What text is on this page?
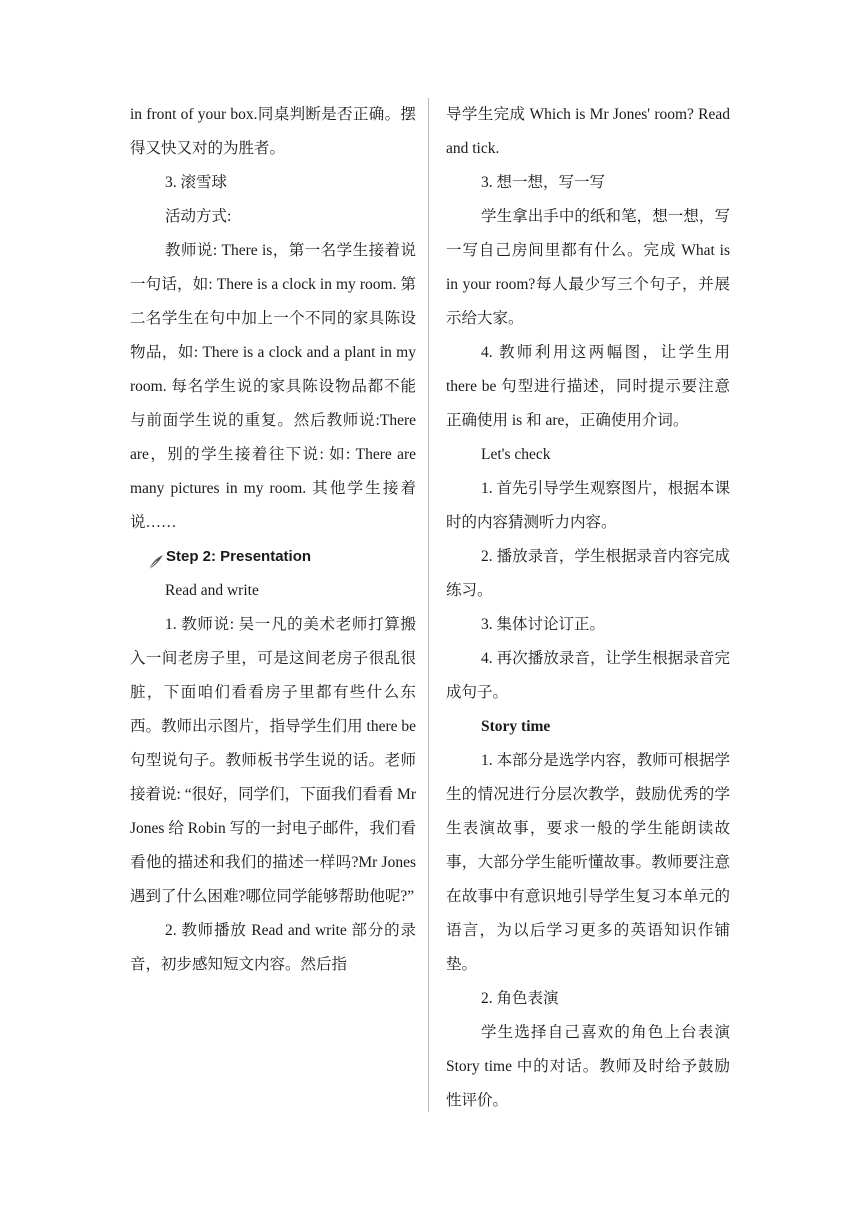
in front of your box.同桌判断是否正确。摆得又快又对的为胜者。

3. 滚雪球

活动方式:

教师说: There is，第一名学生接着说一句话，如: There is a clock in my room. 第二名学生在句中加上一个不同的家具陈设物品，如: There is a clock and a plant in my room. 每名学生说的家具陈设物品都不能与前面学生说的重复。然后教师说:There are，别的学生接着往下说: 如: There are many pictures in my room. 其他学生接着说……

Step 2: Presentation

Read and write

1. 教师说: 吴一凡的美术老师打算搬入一间老房子里，可是这间老房子很乱很脏，下面咱们看看房子里都有些什么东西。教师出示图片，指导学生们用 there be 句型说句子。教师板书学生说的话。老师接着说: “很好，同学们，下面我们看看 Mr Jones 给 Robin 写的一封电子邮件，我们看看他的描述和我们的描述一样吗?Mr Jones 遇到了什么困难?哪位同学能够帮助他呢?”

2. 教师播放 Read and write 部分的录音，初步感知短文内容。然后指

导学生完成 Which is Mr Jones' room? Read and tick.

3. 想一想，写一写

学生拿出手中的纸和笔，想一想，写一写自己房间里都有什么。完成 What is in your room?每人最少写三个句子，并展示给大家。

4. 教师利用这两幅图，让学生用 there be 句型进行描述，同时提示要注意正确使用 is 和 are，正确使用介词。

Let's check

1. 首先引导学生观察图片，根据本课时的内容猜测听力内容。

2. 播放录音，学生根据录音内容完成练习。

3. 集体讨论订正。

4. 再次播放录音，让学生根据录音完成句子。

Story time

1. 本部分是选学内容，教师可根据学生的情况进行分层次教学，鼓励优秀的学生表演故事，要求一般的学生能朗读故事，大部分学生能听懂故事。教师要注意在故事中有意识地引导学生复习本单元的语言，为以后学习更多的英语知识作铺垫。

2. 角色表演

学生选择自己喜欢的角色上台表演 Story time 中的对话。教师及时给予鼓励性评价。
